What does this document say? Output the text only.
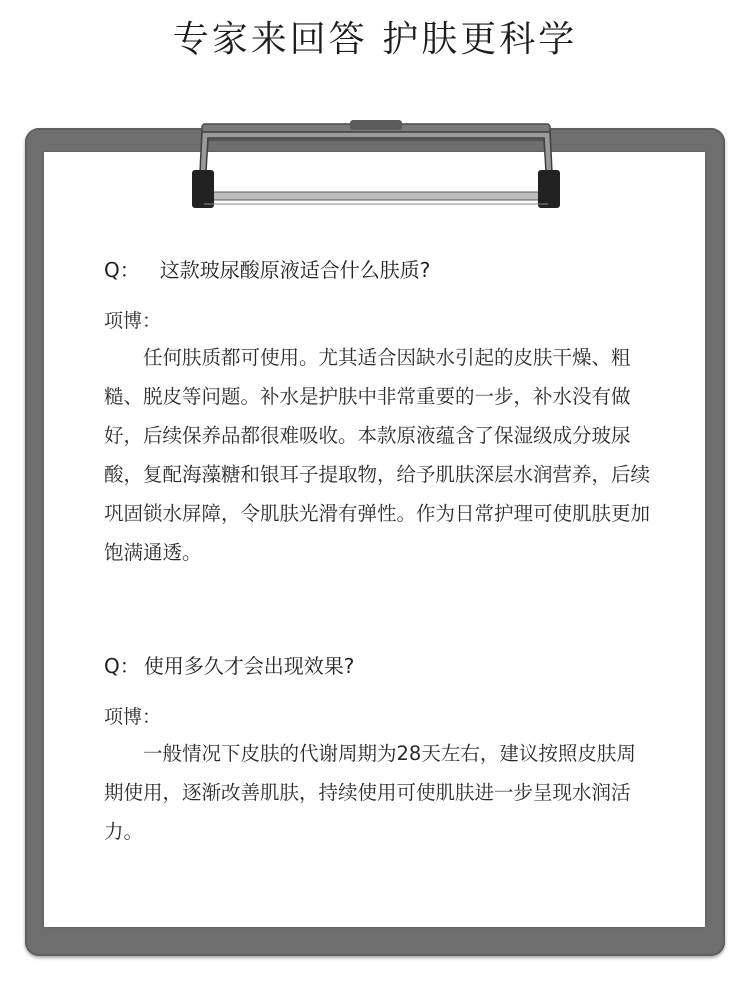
专家来回答 护肤更科学
Q： 这款玻尿酸原液适合什么肤质?
项博：

任何肤质都可使用。尤其适合因缺水引起的皮肤干燥、粗糙、脱皮等问题。补水是护肤中非常重要的一步，补水没有做好，后续保养品都很难吸收。本款原液蕴含了保湿级成分玻尿酸，复配海藻糖和银耳子提取物，给予肌肤深层水润营养，后续巩固锁水屏障，令肌肤光滑有弹性。作为日常护理可使肌肤更加饱满通透。

Q： 使用多久才会出现效果?
项博：

一般情况下皮肤的代谢周期为28天左右，建议按照皮肤周期使用，逐渐改善肌肤，持续使用可使肌肤进一步呈现水润活力。
